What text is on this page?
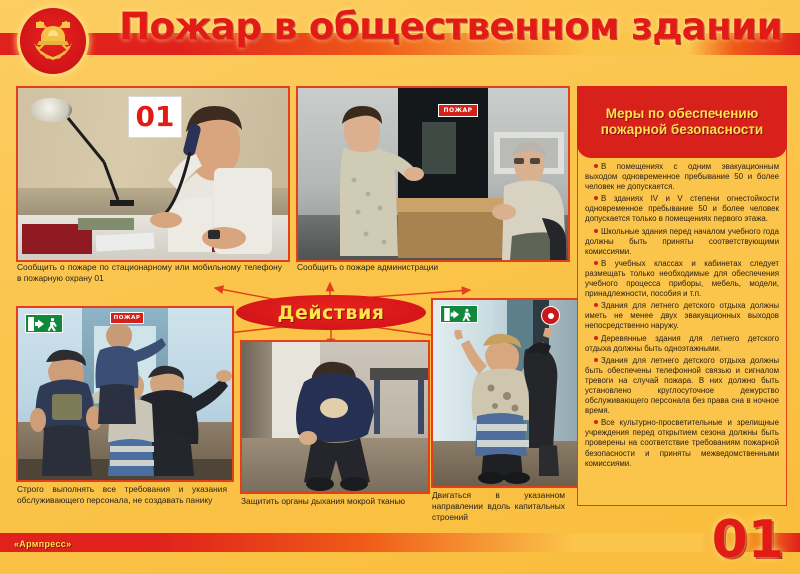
Пожар в общественном здании
01
Сообщить о пожаре по стационарному или мобильному телефону в пожарную охрану 01
ПОЖАР
Сообщить о пожаре администрации
Действия
ПОЖАР
Строго выполнять все требования и указания обслуживающего персонала, не создавать панику	Защитить органы дыхания мокрой тканью
Двигаться в указанном направлении вдоль капитальных строений
Меры по обеспечению пожарной безопасности

В помещениях с одним эвакуационным выходом одновременное пребывание 50 и более человек не допускается.

В зданиях IV и V степени огнестойкости одновременное пребывание 50 и более человек допускается только в помещениях первого этажа.

Школьные здания перед началом учебного года должны быть приняты соответствующими комиссиями.

В учебных классах и кабинетах следует размещать только необходимые для обеспечения учебного процесса приборы, мебель, модели, принадлежности, пособия и т.п.

Здания для летнего детского отдыха должны иметь не менее двух эвакуационных выходов непосредственно наружу.

Деревянные здания для летнего детского отдыха должны быть одноэтажными.

Здания для летнего детского отдыха должны быть обеспечены телефонной связью и сигналом тревоги на случай пожара. В них должно быть установлено круглосуточное дежурство обслуживающего персонала без права сна в ночное время.

Все культурно-просветительные и зрелищные учреждения перед открытием сезона должны быть проверены на соответствие требованиям пожарной безопасности и приняты межведомственными комиссиями.

«Армпресс»	01
